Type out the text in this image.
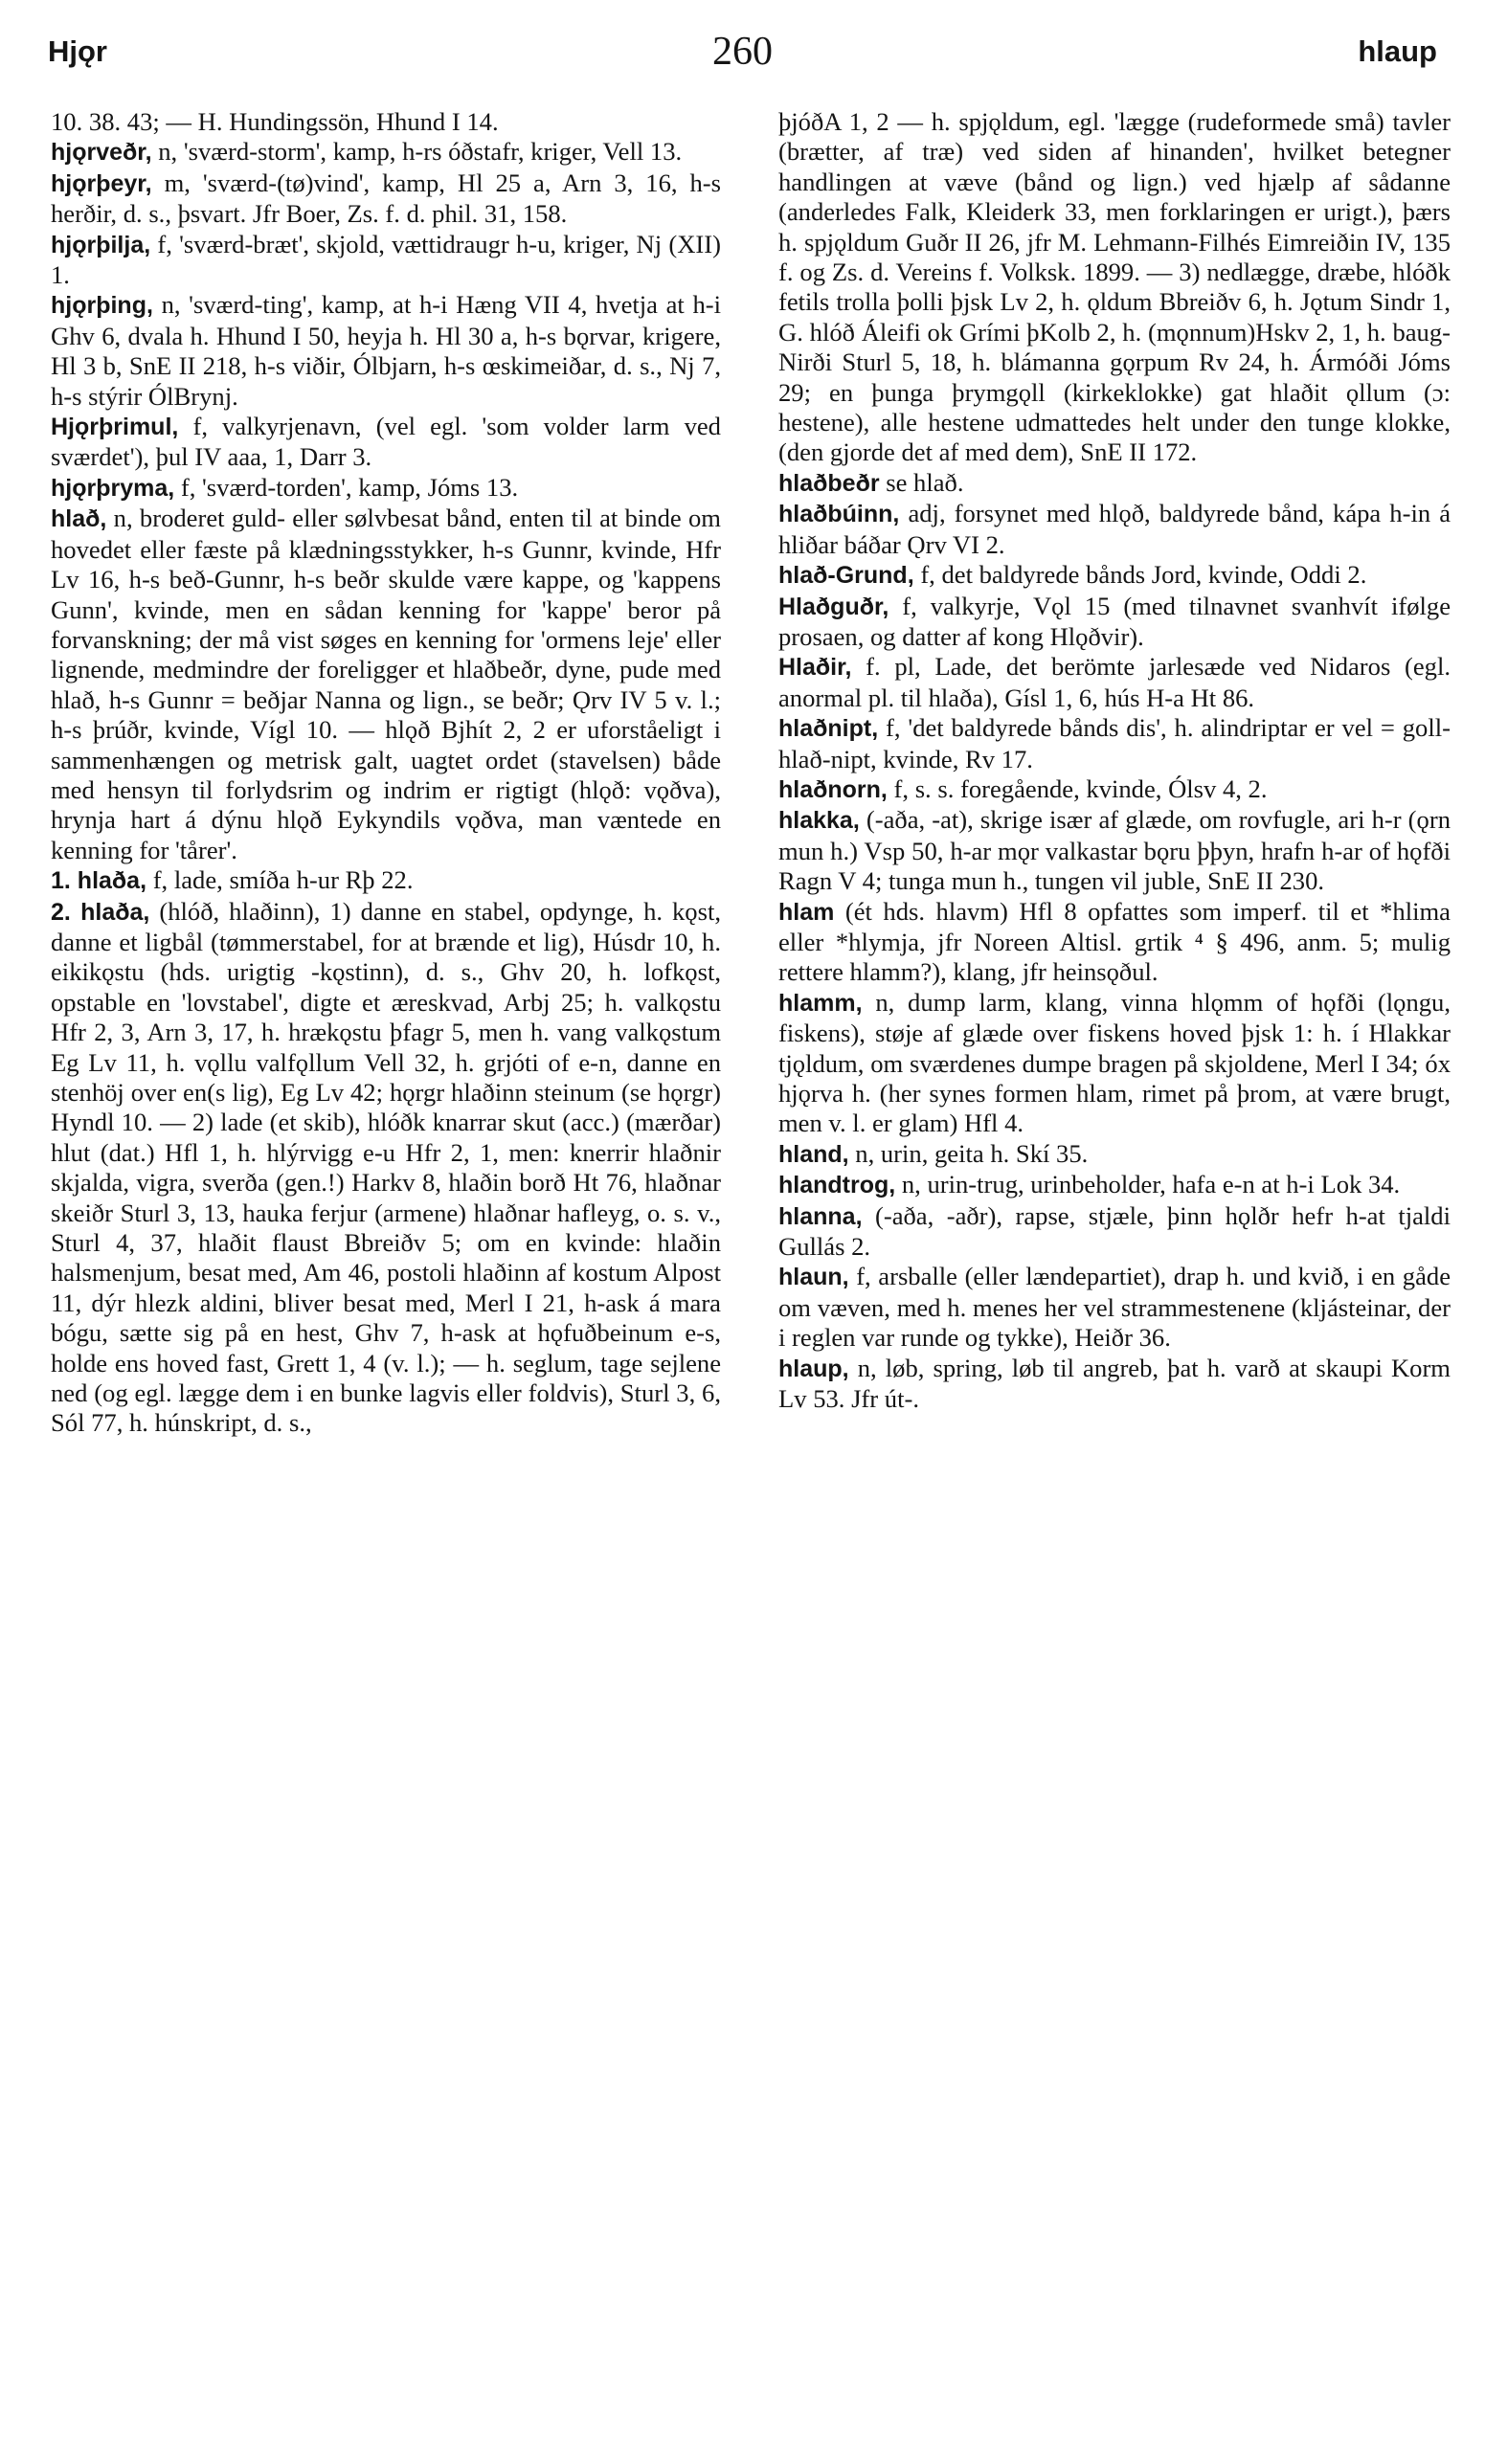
Hjǫr	260	hlaup

10. 38. 43; — H. Hundingssön, Hhund I 14.

hjǫrveðr, n, 'sværd-storm', kamp, h-rs óðstafr, kriger, Vell 13.

hjǫrþeyr, m, 'sværd-(tø)vind', kamp, Hl 25 a, Arn 3, 16, h-s herðir, d. s., þsvart. Jfr Boer, Zs. f. d. phil. 31, 158.

hjǫrþilja, f, 'sværd-bræt', skjold, vættidraugr h-u, kriger, Nj (XII) 1.

hjǫrþing, n, 'sværd-ting', kamp, at h-i Hæng VII 4, hvetja at h-i Ghv 6, dvala h. Hhund I 50, heyja h. Hl 30 a, h-s bǫrvar, krigere, Hl 3 b, SnE II 218, h-s viðir, Ólbjarn, h-s œskimeiðar, d. s., Nj 7, h-s stýrir ÓlBrynj.

Hjǫrþrimul, f, valkyrjenavn, (vel egl. 'som volder larm ved sværdet'), þul IV aaa, 1, Darr 3.

hjǫrþryma, f, 'sværd-torden', kamp, Jóms 13.

hlað, n, broderet guld- eller sølvbesat bånd, enten til at binde om hovedet eller fæste på klædningsstykker, h-s Gunnr, kvinde, Hfr Lv 16, h-s beð-Gunnr, h-s beðr skulde være kappe, og 'kappens Gunn', kvinde, men en sådan kenning for 'kappe' beror på forvanskning; der må vist søges en kenning for 'ormens leje' eller lignende, medmindre der foreligger et hlaðbeðr, dyne, pude med hlað, h-s Gunnr = beðjar Nanna og lign., se beðr; Ǫrv IV 5 v. l.; h-s þrúðr, kvinde, Vígl 10. — hlǫð Bjhít 2, 2 er uforståeligt i sammenhængen og metrisk galt, uagtet ordet (stavelsen) både med hensyn til forlydsrim og indrim er rigtigt (hlǫð: vǫðva), hrynja hart á dýnu hlǫð Eykyndils vǫðva, man væntede en kenning for 'tårer'.

1. hlaða, f, lade, smíða h-ur Rþ 22.

2. hlaða, (hlóð, hlaðinn), 1) danne en stabel, opdynge, h. kǫst, danne et ligbål (tømmerstabel, for at brænde et lig), Húsdr 10, h. eikikǫstu (hds. urigtig -kǫstinn), d. s., Ghv 20, h. lofkǫst, opstable en 'lovstabel', digte et æreskvad, Arbj 25; h. valkǫstu Hfr 2, 3, Arn 3, 17, h. hrækǫstu þfagr 5, men h. vang valkǫstum Eg Lv 11, h. vǫllu valfǫllum Vell 32, h. grjóti of e-n, danne en stenhöj over en(s lig), Eg Lv 42; hǫrgr hlaðinn steinum (se hǫrgr) Hyndl 10. — 2) lade (et skib), hlóðk knarrar skut (acc.) (mærðar) hlut (dat.) Hfl 1, h. hlýrvigg e-u Hfr 2, 1, men: knerrir hlaðnir skjalda, vigra, sverða (gen.!) Harkv 8, hlaðin borð Ht 76, hlaðnar skeiðr Sturl 3, 13, hauka ferjur (armene) hlaðnar hafleyg, o. s. v., Sturl 4, 37, hlaðit flaust Bbreiðv 5; om en kvinde: hlaðin halsmenjum, besat med, Am 46, postoli hlaðinn af kostum Alpost 11, dýr hlezk aldini, bliver besat med, Merl I 21, h-ask á mara bógu, sætte sig på en hest, Ghv 7, h-ask at hǫfuðbeinum e-s, holde ens hoved fast, Grett 1, 4 (v. l.); — h. seglum, tage sejlene ned (og egl. lægge dem i en bunke lagvis eller foldvis), Sturl 3, 6, Sól 77, h. húnskript, d. s.,

þjóðA 1, 2 — h. spjǫldum, egl. 'lægge (rudeformede små) tavler (brætter, af træ) ved siden af hinanden', hvilket betegner handlingen at væve (bånd og lign.) ved hjælp af sådanne (anderledes Falk, Kleiderk 33, men forklaringen er urigt.), þærs h. spjǫldum Guðr II 26, jfr M. Lehmann-Filhés Eimreiðin IV, 135 f. og Zs. d. Vereins f. Volksk. 1899. — 3) nedlægge, dræbe, hlóðk fetils trolla þolli þjsk Lv 2, h. ǫldum Bbreiðv 6, h. Jǫtum Sindr 1, G. hlóð Áleifi ok Grími þKolb 2, h. (mǫnnum)Hskv 2, 1, h. baug-Nirði Sturl 5, 18, h. blámanna gǫrpum Rv 24, h. Ármóði Jóms 29; en þunga þrymgǫll (kirkeklokke) gat hlaðit ǫllum (ɔ: hestene), alle hestene udmattedes helt under den tunge klokke, (den gjorde det af med dem), SnE II 172.

hlaðbeðr se hlað.

hlaðbúinn, adj, forsynet med hlǫð, baldyrede bånd, kápa h-in á hliðar báðar Ǫrv VI 2.

hlað-Grund, f, det baldyrede bånds Jord, kvinde, Oddi 2.

Hlaðguðr, f, valkyrje, Vǫl 15 (med tilnavnet svanhvít ifølge prosaen, og datter af kong Hlǫðvir).

Hlaðir, f. pl, Lade, det berömte jarlesæde ved Nidaros (egl. anormal pl. til hlaða), Gísl 1, 6, hús H-a Ht 86.

hlaðnipt, f, 'det baldyrede bånds dis', h. alindriptar er vel = goll-hlað-nipt, kvinde, Rv 17.

hlaðnorn, f, s. s. foregående, kvinde, Ólsv 4, 2.

hlakka, (-aða, -at), skrige især af glæde, om rovfugle, ari h-r (ǫrn mun h.) Vsp 50, h-ar mǫr valkastar bǫru þþyn, hrafn h-ar of hǫfði Ragn V 4; tunga mun h., tungen vil juble, SnE II 230.

hlam (ét hds. hlavm) Hfl 8 opfattes som imperf. til et *hlima eller *hlymja, jfr Noreen Altisl. grtik ⁴ § 496, anm. 5; mulig rettere hlamm?), klang, jfr heinsǫðul.

hlamm, n, dump larm, klang, vinna hlǫmm of hǫfði (lǫngu, fiskens), støje af glæde over fiskens hoved þjsk 1: h. í Hlakkar tjǫldum, om sværdenes dumpe bragen på skjoldene, Merl I 34; óx hjǫrva h. (her synes formen hlam, rimet på þrom, at være brugt, men v. l. er glam) Hfl 4.

hland, n, urin, geita h. Skí 35.

hlandtrog, n, urin-trug, urinbeholder, hafa e-n at h-i Lok 34.

hlanna, (-aða, -aðr), rapse, stjæle, þinn hǫlðr hefr h-at tjaldi Gullás 2.

hlaun, f, arsballe (eller lændepartiet), drap h. und kvið, i en gåde om væven, med h. menes her vel strammestenene (kljásteinar, der i reglen var runde og tykke), Heiðr 36.

hlaup, n, løb, spring, løb til angreb, þat h. varð at skaupi Korm Lv 53. Jfr út-.
